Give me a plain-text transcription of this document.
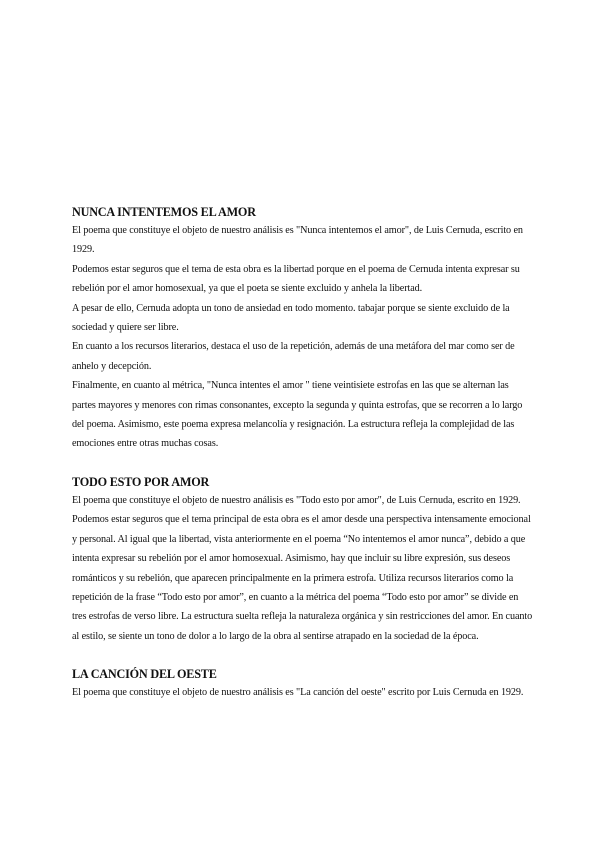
NUNCA INTENTEMOS EL AMOR

El poema que constituye el objeto de nuestro análisis es "Nunca intentemos el amor", de Luis Cernuda, escrito en 1929.

Podemos estar seguros que el tema de esta obra es la libertad porque en el poema de Cernuda intenta expresar su rebelión por el amor homosexual, ya que el poeta se siente excluido y anhela la libertad.

A pesar de ello, Cernuda adopta un tono de ansiedad en todo momento. tabajar porque se siente excluido de la sociedad y quiere ser libre.

En cuanto a los recursos literarios, destaca el uso de la repetición, además de una metáfora del mar como ser de anhelo y decepción.

Finalmente, en cuanto al métrica, "Nunca intentes el amor " tiene veintisiete estrofas en las que se alternan las partes mayores y menores con rimas consonantes, excepto la segunda y quinta estrofas, que se recorren a lo largo del poema. Asimismo, este poema expresa melancolía y resignación. La estructura refleja la complejidad de las emociones entre otras muchas cosas.

TODO ESTO POR AMOR

El poema que constituye el objeto de nuestro análisis es "Todo esto por amor", de Luis Cernuda, escrito en 1929.

Podemos estar seguros que el tema principal de esta obra es el amor desde una perspectiva intensamente emocional y personal. Al igual que la libertad, vista anteriormente en el poema “No intentemos el amor nunca”, debido a que intenta expresar su rebelión por el amor homosexual. Asimismo, hay que incluir su libre expresión, sus deseos románticos y su rebelión, que aparecen principalmente en la primera estrofa. Utiliza recursos literarios como la repetición de la frase “Todo esto por amor”, en cuanto a la métrica del poema “Todo esto por amor” se divide en tres estrofas de verso libre. La estructura suelta refleja la naturaleza orgánica y sin restricciones del amor. En cuanto al estilo, se siente un tono de dolor a lo largo de la obra al sentirse atrapado en la sociedad de la época.

LA CANCIÓN DEL OESTE

El poema que constituye el objeto de nuestro análisis es "La canción del oeste" escrito por Luis Cernuda en 1929.
